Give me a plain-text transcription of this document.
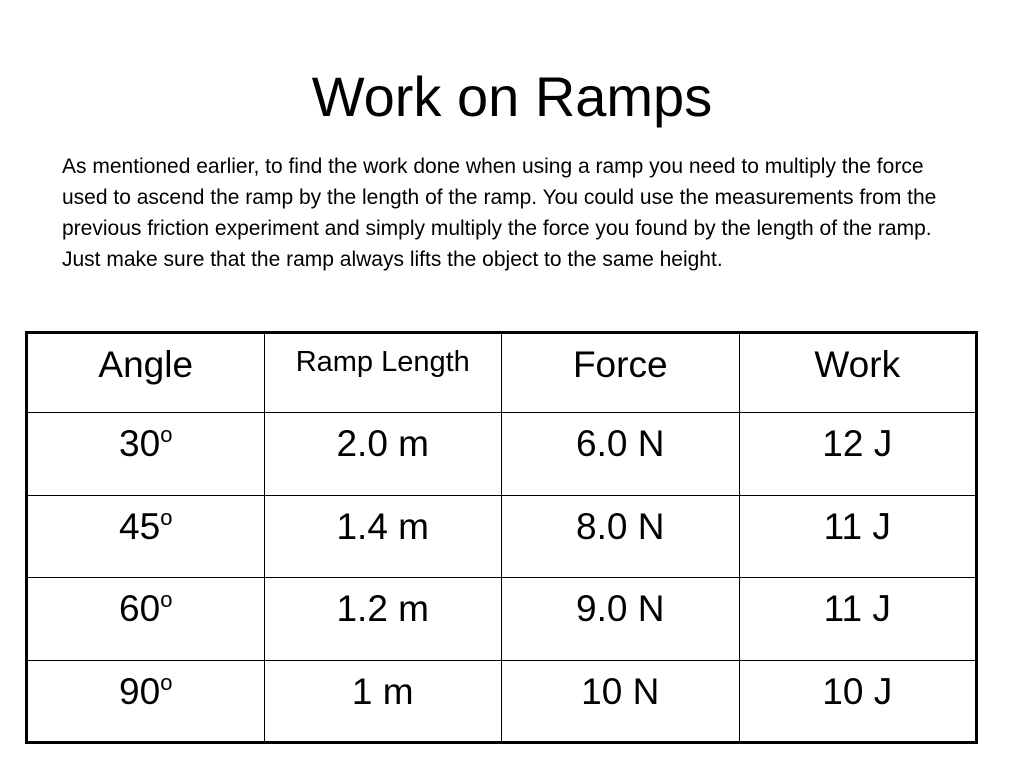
Work on Ramps

As mentioned earlier, to find the work done when using a ramp you need to multiply the force used to ascend the ramp by the length of the ramp. You could use the measurements from the previous friction experiment and simply multiply the force you found by the length of the ramp. Just make sure that the ramp always lifts the object to the same height.

Angle	Ramp Length	Force	Work
30$^o$	2.0 m	6.0 N	12 J
45$^o$	1.4 m	8.0 N	11 J
60$^o$	1.2 m	9.0 N	11 J
90$^o$	1 m	10 N	10 J
